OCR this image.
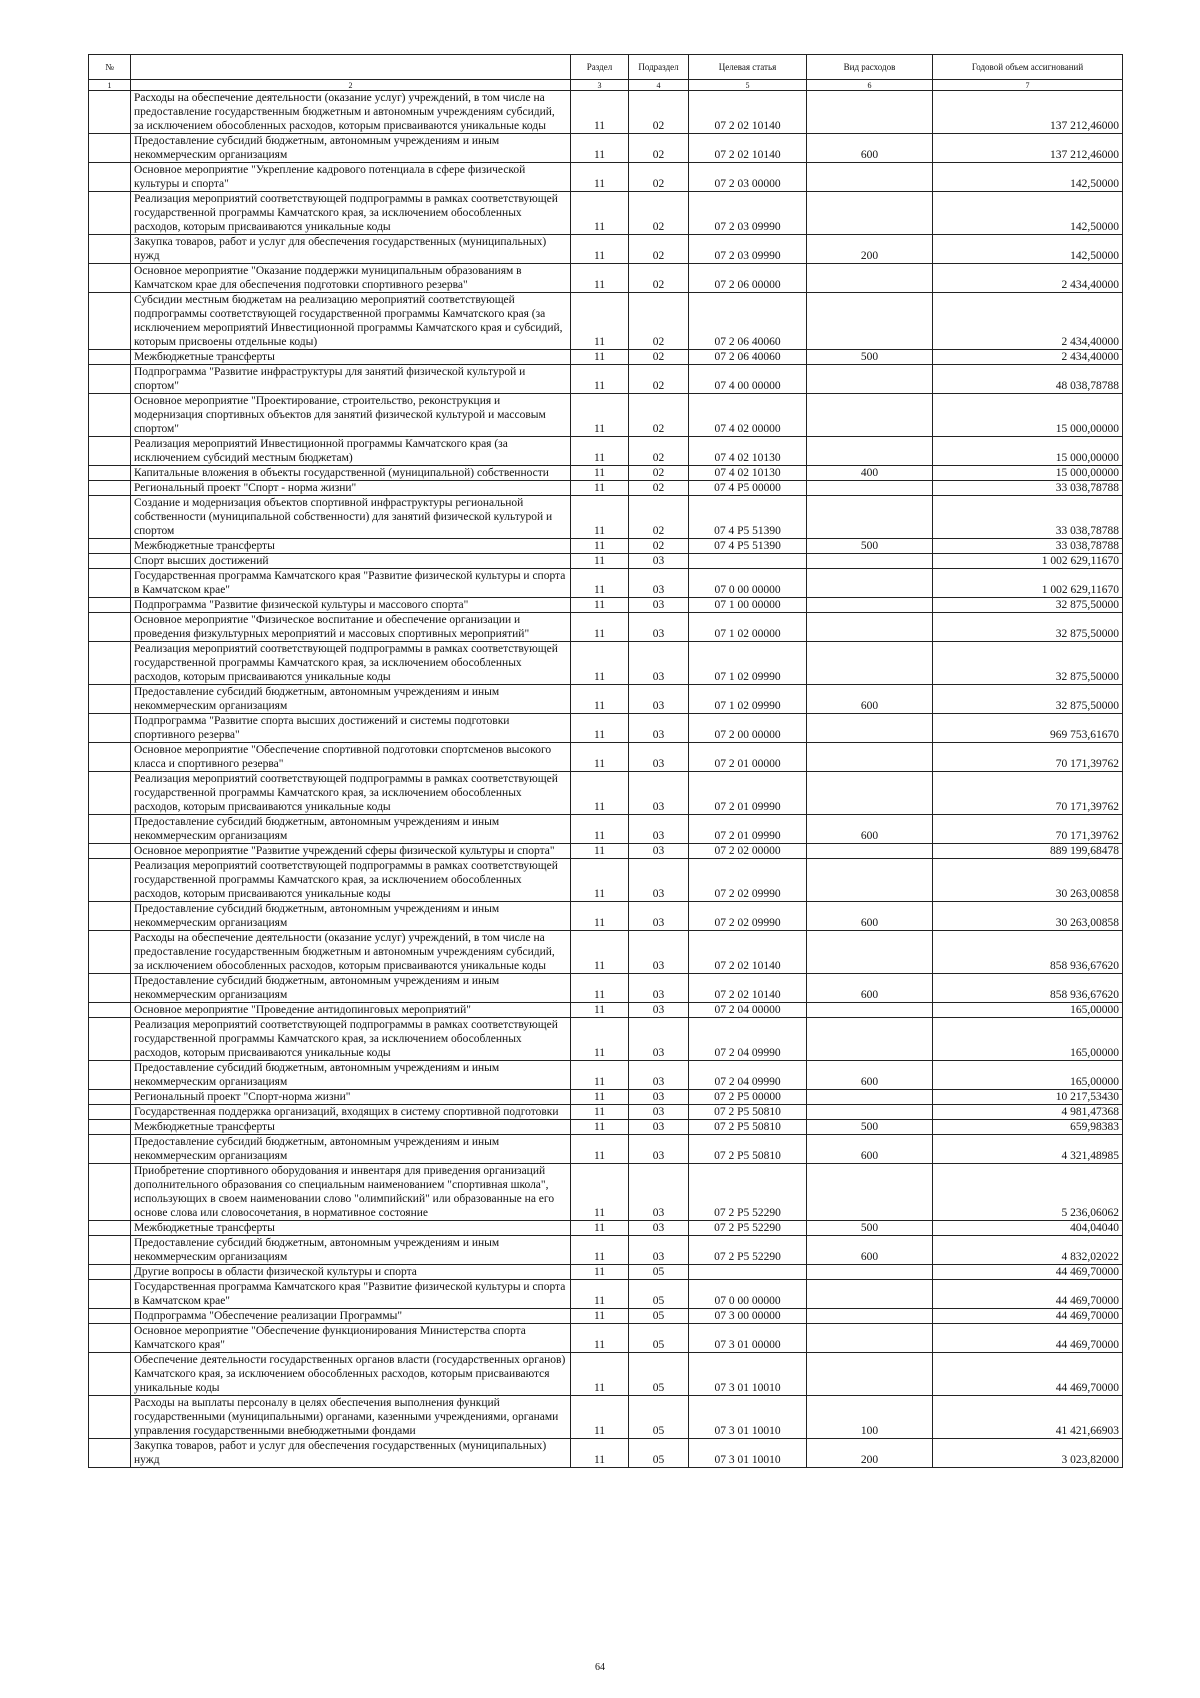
№		Раздел	Подраздел	Целевая статья	Вид расходов	Годовой объем ассигнований
1	2	3	4	5	6	7
	Расходы на обеспечение деятельности (оказание услуг) учреждений, в том числе на предоставление государственным бюджетным и автономным учреждениям субсидий, за исключением обособленных расходов, которым присваиваются уникальные коды	11	02	07 2 02 10140		137 212,46000
	Предоставление субсидий бюджетным, автономным учреждениям и иным некоммерческим организациям	11	02	07 2 02 10140	600	137 212,46000
	Основное мероприятие "Укрепление кадрового потенциала в сфере физической культуры и спорта"	11	02	07 2 03 00000		142,50000
	Реализация мероприятий соответствующей подпрограммы в рамках соответствующей государственной программы Камчатского края, за исключением обособленных расходов, которым присваиваются уникальные коды	11	02	07 2 03 09990		142,50000
	Закупка товаров, работ и услуг для обеспечения государственных (муниципальных) нужд	11	02	07 2 03 09990	200	142,50000
	Основное мероприятие "Оказание поддержки муниципальным образованиям в Камчатском крае для обеспечения подготовки спортивного резерва"	11	02	07 2 06 00000		2 434,40000
	Субсидии местным бюджетам на реализацию мероприятий соответствующей подпрограммы соответствующей государственной программы Камчатского края (за исключением мероприятий Инвестиционной программы Камчатского края и субсидий, которым присвоены отдельные коды)	11	02	07 2 06 40060		2 434,40000
	Межбюджетные трансферты	11	02	07 2 06 40060	500	2 434,40000
	Подпрограмма "Развитие инфраструктуры для занятий физической культурой и спортом"	11	02	07 4 00 00000		48 038,78788
	Основное мероприятие "Проектирование, строительство, реконструкция и модернизация спортивных объектов для занятий физической культурой и массовым спортом"	11	02	07 4 02 00000		15 000,00000
	Реализация мероприятий Инвестиционной программы Камчатского края (за исключением субсидий местным бюджетам)	11	02	07 4 02 10130		15 000,00000
	Капитальные вложения в объекты государственной (муниципальной) собственности	11	02	07 4 02 10130	400	15 000,00000
	Региональный проект "Спорт - норма жизни"	11	02	07 4 P5 00000		33 038,78788
	Создание и модернизация объектов спортивной инфраструктуры региональной собственности (муниципальной собственности) для занятий физической культурой и спортом	11	02	07 4 P5 51390		33 038,78788
	Межбюджетные трансферты	11	02	07 4 P5 51390	500	33 038,78788
	Спорт высших достижений	11	03			1 002 629,11670
	Государственная программа Камчатского края "Развитие физической культуры и спорта в Камчатском крае"	11	03	07 0 00 00000		1 002 629,11670
	Подпрограмма "Развитие физической культуры и массового спорта"	11	03	07 1 00 00000		32 875,50000
	Основное мероприятие "Физическое воспитание и обеспечение организации и проведения физкультурных мероприятий и массовых спортивных мероприятий"	11	03	07 1 02 00000		32 875,50000
	Реализация мероприятий соответствующей подпрограммы в рамках соответствующей государственной программы Камчатского края, за исключением обособленных расходов, которым присваиваются уникальные коды	11	03	07 1 02 09990		32 875,50000
	Предоставление субсидий бюджетным, автономным учреждениям и иным некоммерческим организациям	11	03	07 1 02 09990	600	32 875,50000
	Подпрограмма "Развитие спорта высших достижений и системы подготовки спортивного резерва"	11	03	07 2 00 00000		969 753,61670
	Основное мероприятие "Обеспечение спортивной подготовки спортсменов высокого класса и спортивного резерва"	11	03	07 2 01 00000		70 171,39762
	Реализация мероприятий соответствующей подпрограммы в рамках соответствующей государственной программы Камчатского края, за исключением обособленных расходов, которым присваиваются уникальные коды	11	03	07 2 01 09990		70 171,39762
	Предоставление субсидий бюджетным, автономным учреждениям и иным некоммерческим организациям	11	03	07 2 01 09990	600	70 171,39762
	Основное мероприятие "Развитие учреждений сферы физической культуры и спорта"	11	03	07 2 02 00000		889 199,68478
	Реализация мероприятий соответствующей подпрограммы в рамках соответствующей государственной программы Камчатского края, за исключением обособленных расходов, которым присваиваются уникальные коды	11	03	07 2 02 09990		30 263,00858
	Предоставление субсидий бюджетным, автономным учреждениям и иным некоммерческим организациям	11	03	07 2 02 09990	600	30 263,00858
	Расходы на обеспечение деятельности (оказание услуг) учреждений, в том числе на предоставление государственным бюджетным и автономным учреждениям субсидий, за исключением обособленных расходов, которым присваиваются уникальные коды	11	03	07 2 02 10140		858 936,67620
	Предоставление субсидий бюджетным, автономным учреждениям и иным некоммерческим организациям	11	03	07 2 02 10140	600	858 936,67620
	Основное мероприятие "Проведение антидопинговых мероприятий"	11	03	07 2 04 00000		165,00000
	Реализация мероприятий соответствующей подпрограммы в рамках соответствующей государственной программы Камчатского края, за исключением обособленных расходов, которым присваиваются уникальные коды	11	03	07 2 04 09990		165,00000
	Предоставление субсидий бюджетным, автономным учреждениям и иным некоммерческим организациям	11	03	07 2 04 09990	600	165,00000
	Региональный проект "Спорт-норма жизни"	11	03	07 2 P5 00000		10 217,53430
	Государственная поддержка организаций, входящих в систему спортивной подготовки	11	03	07 2 P5 50810		4 981,47368
	Межбюджетные трансферты	11	03	07 2 P5 50810	500	659,98383
	Предоставление субсидий бюджетным, автономным учреждениям и иным некоммерческим организациям	11	03	07 2 P5 50810	600	4 321,48985
	Приобретение спортивного оборудования и инвентаря для приведения организаций дополнительного образования со специальным наименованием "спортивная школа", использующих в своем наименовании слово "олимпийский" или образованные на его основе слова или словосочетания, в нормативное состояние	11	03	07 2 P5 52290		5 236,06062
	Межбюджетные трансферты	11	03	07 2 P5 52290	500	404,04040
	Предоставление субсидий бюджетным, автономным учреждениям и иным некоммерческим организациям	11	03	07 2 P5 52290	600	4 832,02022
	Другие вопросы в области физической культуры и спорта	11	05			44 469,70000
	Государственная программа Камчатского края "Развитие физической культуры и спорта в Камчатском крае"	11	05	07 0 00 00000		44 469,70000
	Подпрограмма "Обеспечение реализации Программы"	11	05	07 3 00 00000		44 469,70000
	Основное мероприятие "Обеспечение функционирования Министерства спорта Камчатского края"	11	05	07 3 01 00000		44 469,70000
	Обеспечение деятельности государственных органов власти (государственных органов) Камчатского края, за исключением обособленных расходов, которым присваиваются уникальные коды	11	05	07 3 01 10010		44 469,70000
	Расходы на выплаты персоналу в целях обеспечения выполнения функций государственными (муниципальными) органами, казенными учреждениями, органами управления государственными внебюджетными фондами	11	05	07 3 01 10010	100	41 421,66903
	Закупка товаров, работ и услуг для обеспечения государственных (муниципальных) нужд	11	05	07 3 01 10010	200	3 023,82000
64
